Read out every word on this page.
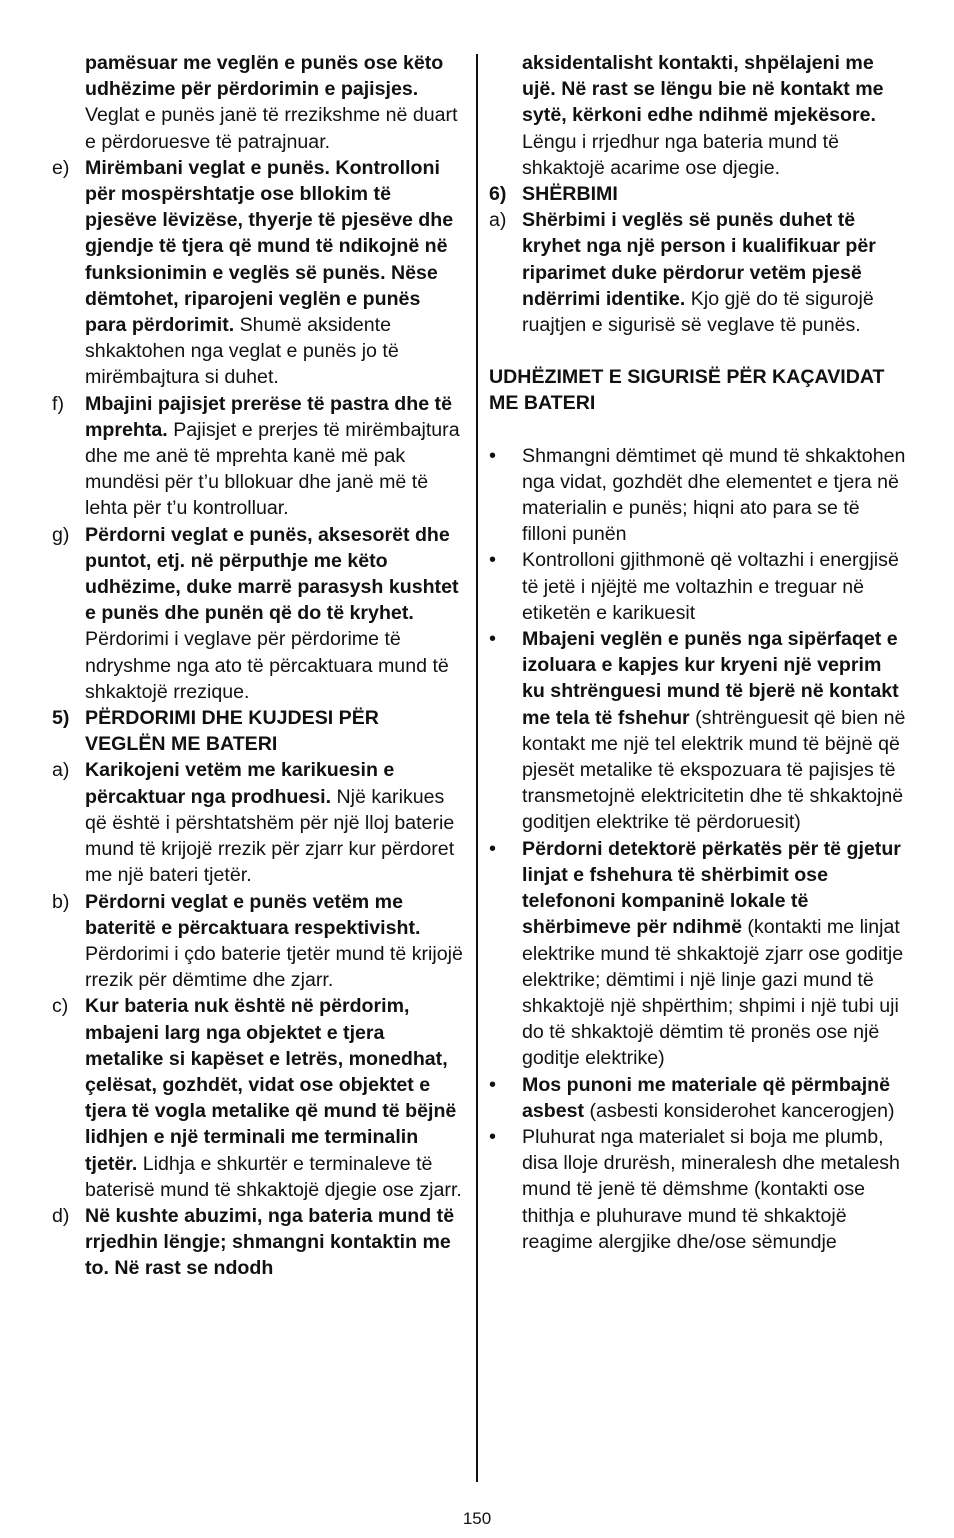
pamësuar me veglën e punës ose këto udhëzime për përdorimin e pajisjes. Veglat e punës janë të rrezikshme në duart e përdoruesve të patrajnuar.
e) Mirëmbani veglat e punës. Kontrolloni për mospërshtatje ose bllokim të pjesëve lëvizëse, thyerje të pjesëve dhe gjendje të tjera që mund të ndikojnë në funksionimin e veglës së punës. Nëse dëmtohet, riparojeni veglën e punës para përdorimit. Shumë aksidente shkaktohen nga veglat e punës jo të mirëmbajtura si duhet.
f)	Mbajini pajisjet prerëse të pastra dhe të mprehta. Pajisjet e prerjes të mirëmbajtura dhe me anë të mprehta kanë më pak mundësi për t’u bllokuar dhe janë më të lehta për t’u kontrolluar.
g) Përdorni veglat e punës, aksesorët dhe puntot, etj. në përputhje me këto udhëzime, duke marrë parasysh kushtet e punës dhe punën që do të kryhet. Përdorimi i veglave për përdorime të ndryshme nga ato të përcaktuara mund të shkaktojë rrezique.
5) PËRDORIMI DHE KUJDESI PËR VEGLËN ME BATERI
a) Karikojeni vetëm me karikuesin e përcaktuar nga prodhuesi. Një karikues që është i përshtatshëm për një lloj baterie mund të krijojë rrezik për zjarr kur përdoret me një bateri tjetër.
b) Përdorni veglat e punës vetëm me bateritë e përcaktuara respektivisht. Përdorimi i çdo baterie tjetër mund të krijojë rrezik për dëmtime dhe zjarr.
c) Kur bateria nuk është në përdorim, mbajeni larg nga objektet e tjera metalike si kapëset e letrës, monedhat, çelësat, gozhdët, vidat ose objektet e tjera të vogla metalike që mund të bëjnë lidhjen e një terminali me terminalin tjetër. Lidhja e shkurtër e terminaleve të baterisë mund të shkaktojë djegie ose zjarr.
d) Në kushte abuzimi, nga bateria mund të rrjedhin lëngje; shmangni kontaktin me to. Në rast se ndodh
aksidentalisht kontakti, shpëlajeni me ujë. Në rast se lëngu bie në kontakt me sytë, kërkoni edhe ndihmë mjekësore. Lëngu i rrjedhur nga bateria mund të shkaktojë acarime ose djegie.
6) SHËRBIMI
a) Shërbimi i veglës së punës duhet të kryhet nga një person i kualifikuar për riparimet duke përdorur vetëm pjesë ndërrimi identike. Kjo gjë do të sigurojë ruajtjen e sigurisë së veglave të punës.
UDHËZIMET E SIGURISË PËR KAÇAVIDAT ME BATERI
•	Shmangni dëmtimet që mund të shkaktohen nga vidat, gozhdët dhe elementet e tjera në materialin e punës; hiqni ato para se të filloni punën
•	Kontrolloni gjithmonë që voltazhi i energjisë të jetë i njëjtë me voltazhin e treguar në etiketën e karikuesit
•	Mbajeni veglën e punës nga sipërfaqet e izoluara e kapjes kur kryeni një veprim ku shtrënguesi mund të bjerë në kontakt me tela të fshehur (shtrënguesit që bien në kontakt me një tel elektrik mund të bëjnë që pjesët metalike të ekspozuara të pajisjes të transmetojnë elektricitetin dhe të shkaktojnë goditjen elektrike të përdoruesit)
•	Përdorni detektorë përkatës për të gjetur linjat e fshehura të shërbimit ose telefononi kompaninë lokale të shërbimeve për ndihmë (kontakti me linjat elektrike mund të shkaktojë zjarr ose goditje elektrike; dëmtimi i një linje gazi mund të shkaktojë një shpërthim; shpimi i një tubi uji do të shkaktojë dëmtim të pronës ose një goditje elektrike)
•	Mos punoni me materiale që përmbajnë asbest (asbesti konsiderohet kancerogjen)
•	Pluhurat nga materialet si boja me plumb, disa lloje drurësh, mineralesh dhe metalesh mund të jenë të dëmshme (kontakti ose thithja e pluhurave mund të shkaktojë reagime alergjike dhe/ose sëmundje
150
